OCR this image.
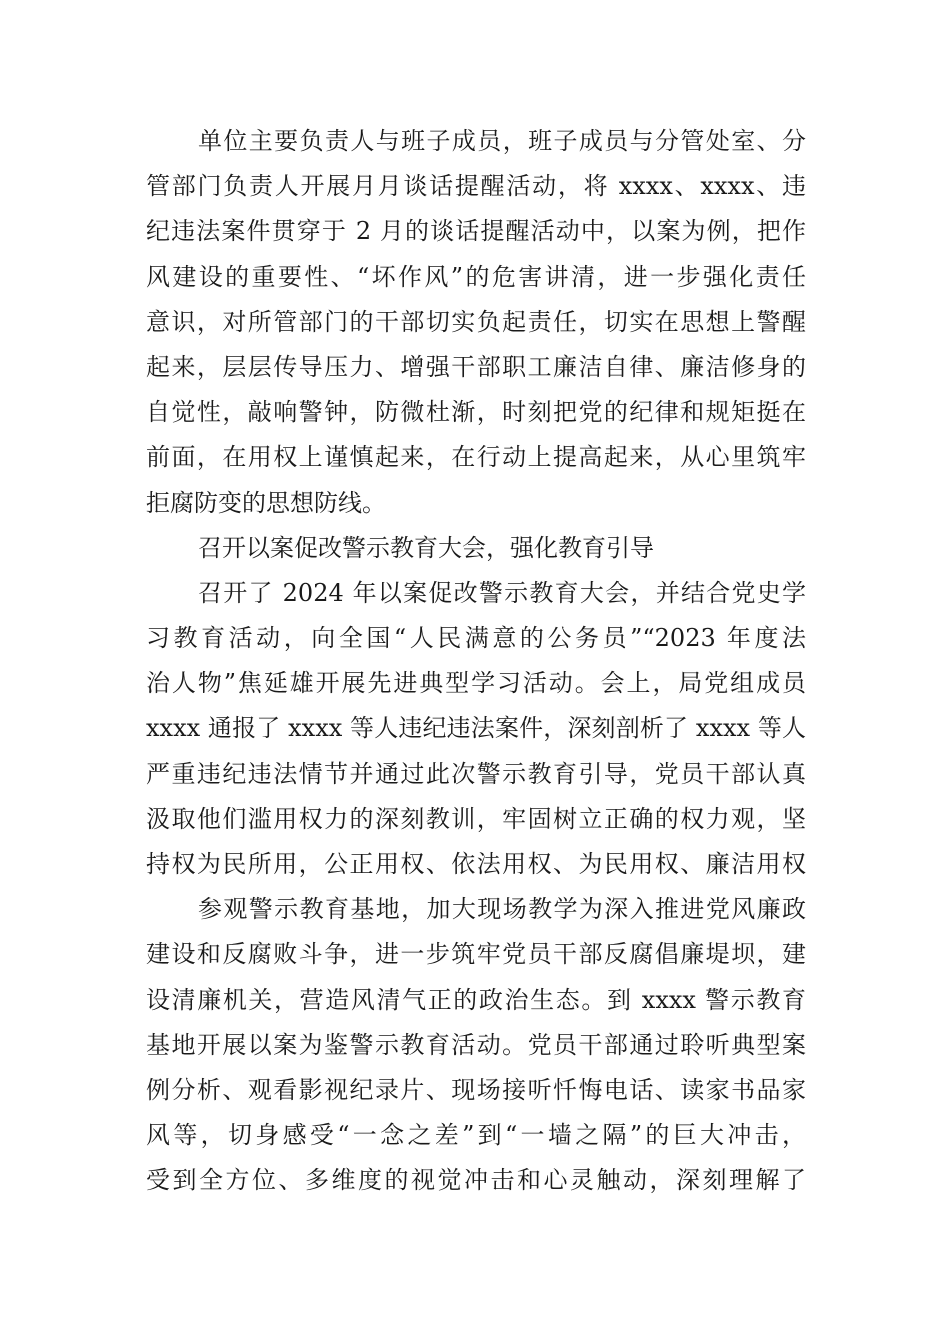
单位主要负责人与班子成员，班子成员与分管处室、分
管部门负责人开展月月谈话提醒活动，将 xxxx、xxxx、违
纪违法案件贯穿于 2 月的谈话提醒活动中，以案为例，把作
风建设的重要性、“坏作风”的危害讲清，进一步强化责任
意识，对所管部门的干部切实负起责任，切实在思想上警醒
起来，层层传导压力、增强干部职工廉洁自律、廉洁修身的
自觉性，敲响警钟，防微杜渐，时刻把党的纪律和规矩挺在
前面，在用权上谨慎起来，在行动上提高起来，从心里筑牢
拒腐防变的思想防线。
召开以案促改警示教育大会，强化教育引导
召开了 2024 年以案促改警示教育大会，并结合党史学
习教育活动，向全国“人民满意的公务员”“2023 年度法
治人物”焦延雄开展先进典型学习活动。会上，局党组成员
xxxx 通报了 xxxx 等人违纪违法案件，深刻剖析了 xxxx 等人
严重违纪违法情节并通过此次警示教育引导，党员干部认真
汲取他们滥用权力的深刻教训，牢固树立正确的权力观，坚
持权为民所用，公正用权、依法用权、为民用权、廉洁用权
参观警示教育基地，加大现场教学为深入推进党风廉政
建设和反腐败斗争，进一步筑牢党员干部反腐倡廉堤坝，建
设清廉机关，营造风清气正的政治生态。到 xxxx 警示教育
基地开展以案为鉴警示教育活动。党员干部通过聆听典型案
例分析、观看影视纪录片、现场接听忏悔电话、读家书品家
风等，切身感受“一念之差”到“一墙之隔”的巨大冲击，
受到全方位、多维度的视觉冲击和心灵触动，深刻理解了
